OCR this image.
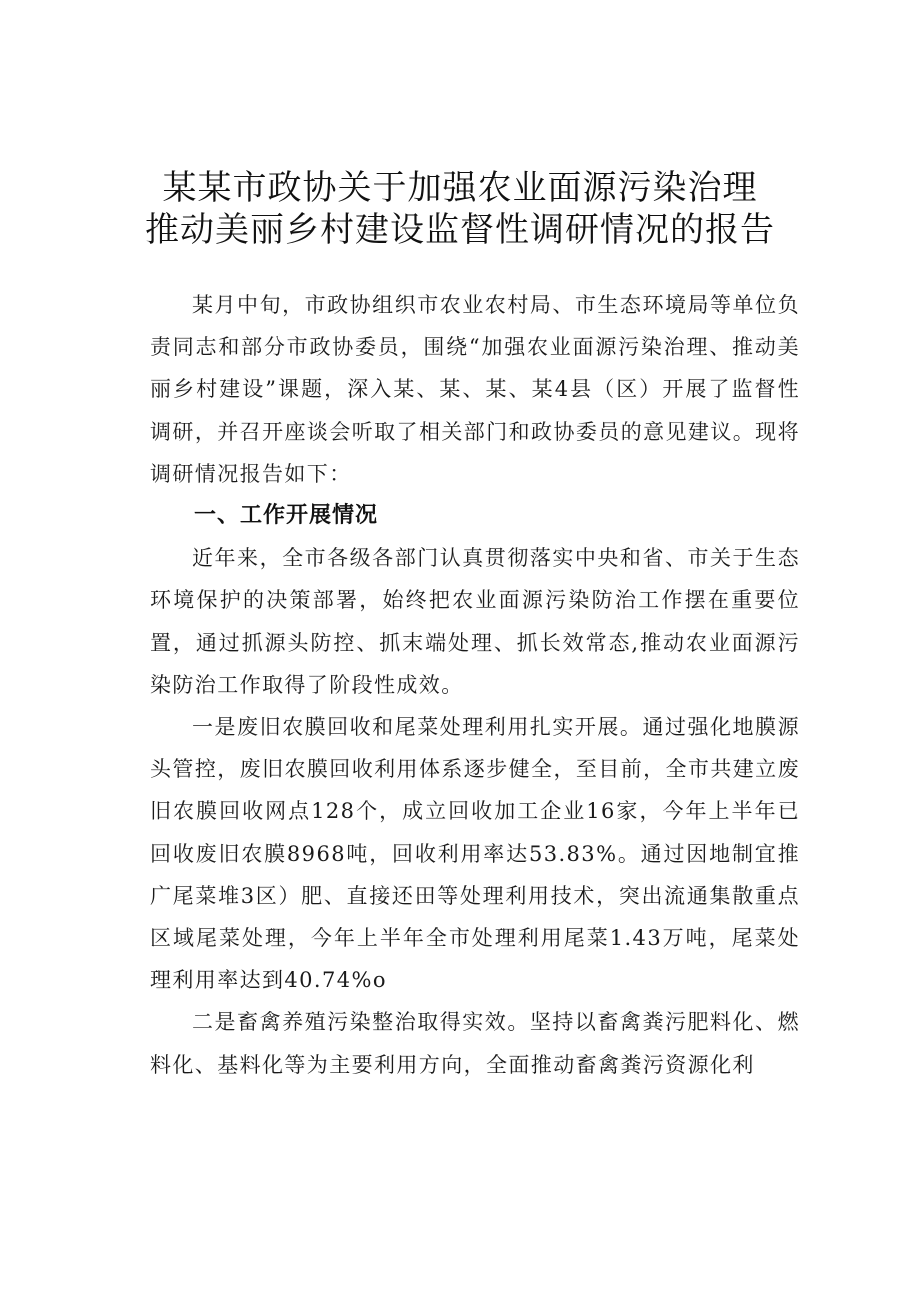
某某市政协关于加强农业面源污染治理
推动美丽乡村建设监督性调研情况的报告

某月中旬，市政协组织市农业农村局、市生态环境局等单位负责同志和部分市政协委员，围绕“加强农业面源污染治理、推动美丽乡村建设”课题，深入某、某、某、某4县（区）开展了监督性调研，并召开座谈会听取了相关部门和政协委员的意见建议。现将调研情况报告如下：

一、工作开展情况

近年来，全市各级各部门认真贯彻落实中央和省、市关于生态环境保护的决策部署，始终把农业面源污染防治工作摆在重要位置，通过抓源头防控、抓末端处理、抓长效常态,推动农业面源污染防治工作取得了阶段性成效。

一是废旧农膜回收和尾菜处理利用扎实开展。通过强化地膜源头管控，废旧农膜回收利用体系逐步健全，至目前，全市共建立废旧农膜回收网点128个，成立回收加工企业16家，今年上半年已回收废旧农膜8968吨，回收利用率达53.83%。通过因地制宜推广尾菜堆3区）肥、直接还田等处理利用技术，突出流通集散重点区域尾菜处理，今年上半年全市处理利用尾菜1.43万吨，尾菜处理利用率达到40.74%o

二是畜禽养殖污染整治取得实效。坚持以畜禽粪污肥料化、燃料化、基料化等为主要利用方向，全面推动畜禽粪污资源化利
